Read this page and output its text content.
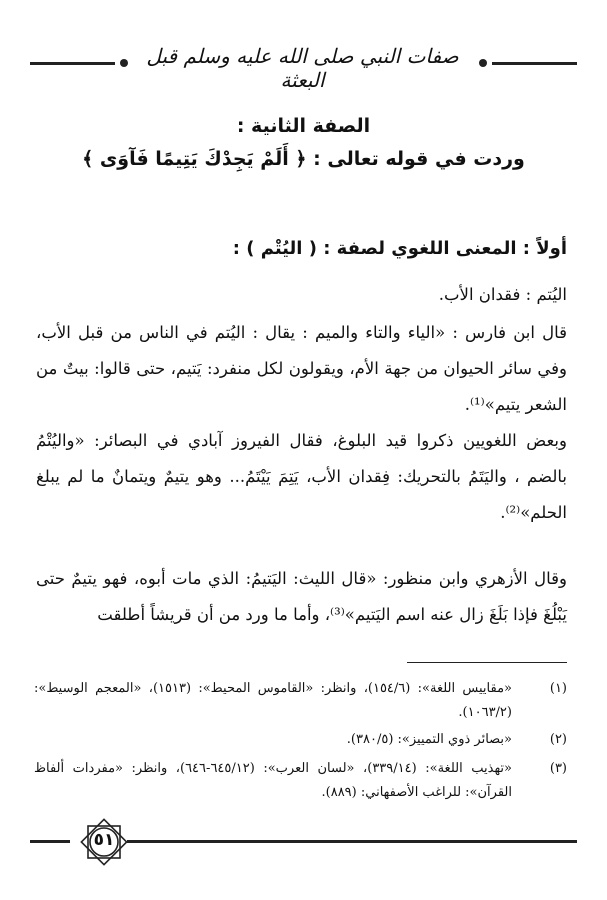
صفات النبي صلى الله عليه وسلم قبل البعثة
الصفة الثانية :
وردت في قوله تعالى : ﴿ أَلَمْ يَجِدْكَ يَتِيمًا فَآوَى ﴾
أولاً : المعنى اللغوي لصفة : ( اليُتْم ) :
اليُتم : فقدان الأب.
قال ابن فارس : «الياء والتاء والميم : يقال : اليُتم في الناس من قبل الأب، وفي سائر الحيوان من جهة الأم، ويقولون لكل منفرد: يَتيم، حتى قالوا: بيتٌ من الشعر يتيم»⁽¹⁾.
وبعض اللغويين ذكروا قيد البلوغ، فقال الفيروز آبادي في البصائر: «واليُتْمُ بالضم ، واليَتَمُ بالتحريك: فِقدان الأب، يَتِمَ يَيْتَمُ... وهو يتيمٌ ويتمانٌ ما لم يبلغ الحلم»⁽²⁾.
وقال الأزهري وابن منظور: «قال الليث: اليَتيمُ: الذي مات أبوه، فهو يتيمٌ حتى يَبْلُغَ فإذا بَلَغَ زال عنه اسم اليَتيم»⁽³⁾، وأما ما ورد من أن قريشاً أطلقت
(١)
«مقاييس اللغة»: (١٥٤/٦)، وانظر: «القاموس المحيط»: (١٥١٣)، «المعجم الوسيط»: (١٠٦٣/٢).
(٢)
«بصائر ذوي التمييز»: (٣٨٠/٥).
(٣)
«تهذيب اللغة»: (٣٣٩/١٤)، «لسان العرب»: (٦٤٥/١٢-٦٤٦)، وانظر: «مفردات ألفاظ القرآن»: للراغب الأصفهاني: (٨٨٩).
٥١
